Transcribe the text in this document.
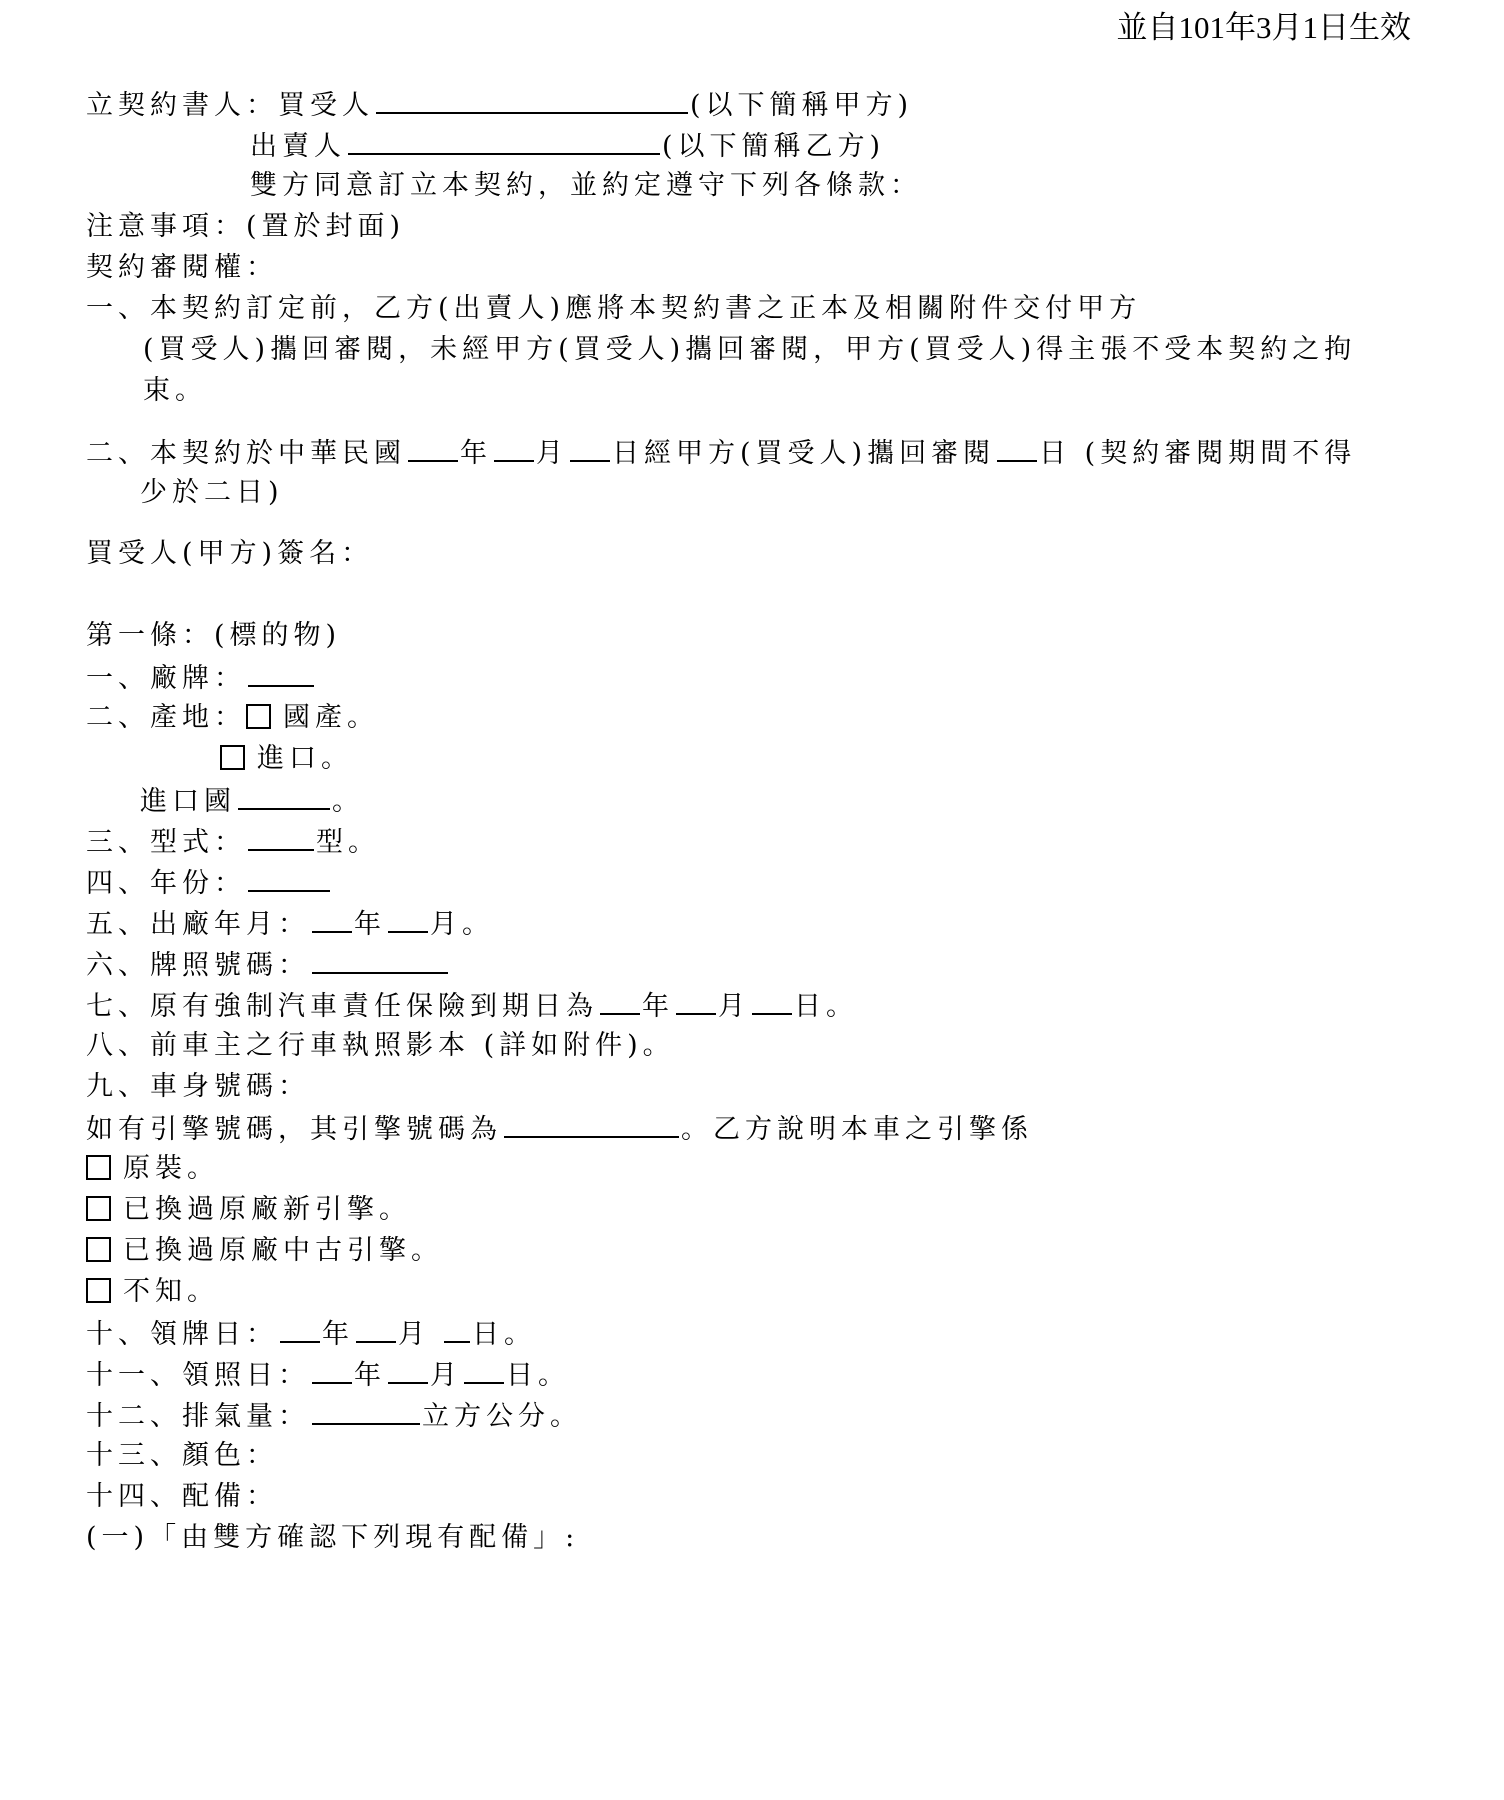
並自101年3月1日生效
立契約書人：買受人	(以下簡稱甲方)
出賣人	(以下簡稱乙方)
雙方同意訂立本契約，並約定遵守下列各條款：
注意事項：(置於封面)
契約審閱權：
一、本契約訂定前，乙方(出賣人)應將本契約書之正本及相關附件交付甲方
(買受人)攜回審閱，未經甲方(買受人)攜回審閱，甲方(買受人)得主張不受本契約之拘
束。
二、本契約於中華民國 年 月 日經甲方(買受人)攜回審閱 日 (契約審閱期間不得
少於二日)
買受人(甲方)簽名：
第一條：(標的物)
一、廠牌：
二、產地： 國產。
進口。
進口國	。
三、型式：	型。
四、年份：
五、出廠年月： 年 月。
六、牌照號碼：
七、原有強制汽車責任保險到期日為 年 月 日。
八、前車主之行車執照影本 (詳如附件)。
九、車身號碼：
如有引擎號碼，其引擎號碼為	。乙方說明本車之引擎係
原裝。
已換過原廠新引擎。
已換過原廠中古引擎。
不知。
十、領牌日： 年 月 日。
十一、領照日： 年 月 日。
十二、排氣量：	立方公分。
十三、顏色：
十四、配備：
(一)「由雙方確認下列現有配備」:
